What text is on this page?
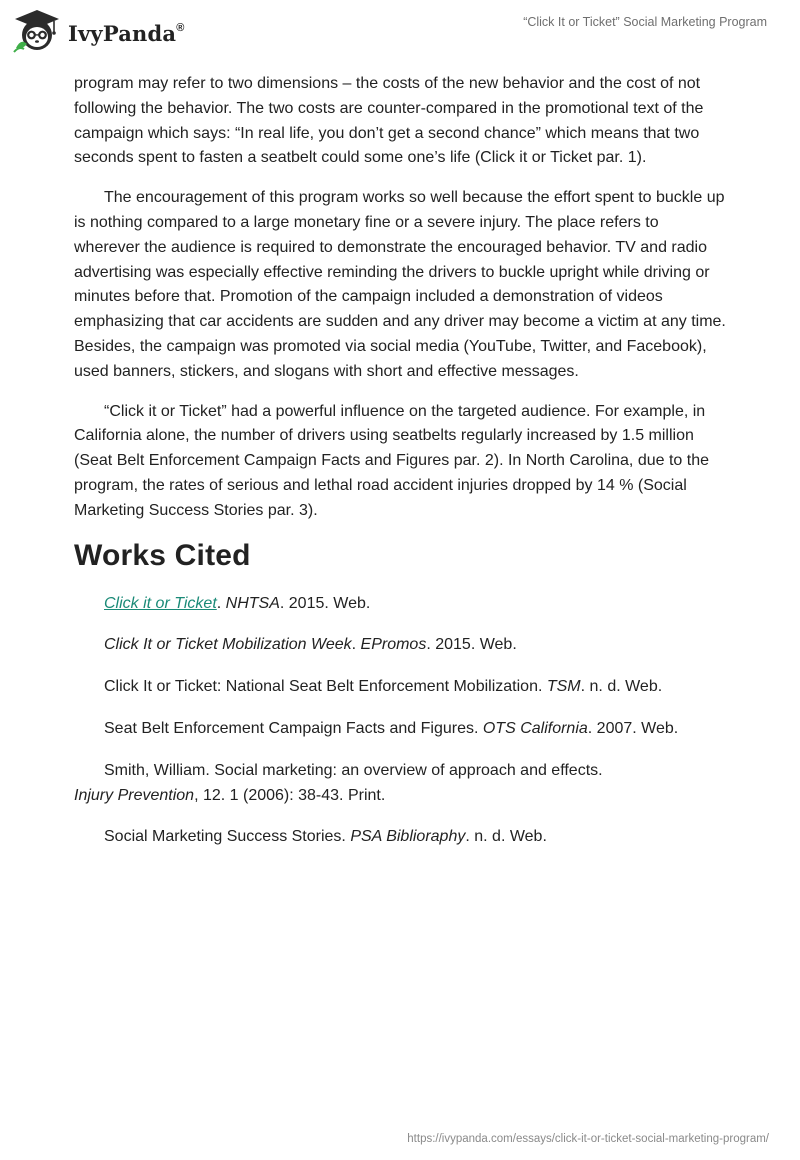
IvyPanda®	“Click It or Ticket” Social Marketing Program

program may refer to two dimensions – the costs of the new behavior and the cost of not following the behavior. The two costs are counter-compared in the promotional text of the campaign which says: “In real life, you don’t get a second chance” which means that two seconds spent to fasten a seatbelt could some one’s life (Click it or Ticket par. 1).

The encouragement of this program works so well because the effort spent to buckle up is nothing compared to a large monetary fine or a severe injury. The place refers to wherever the audience is required to demonstrate the encouraged behavior. TV and radio advertising was especially effective reminding the drivers to buckle upright while driving or minutes before that. Promotion of the campaign included a demonstration of videos emphasizing that car accidents are sudden and any driver may become a victim at any time. Besides, the campaign was promoted via social media (YouTube, Twitter, and Facebook), used banners, stickers, and slogans with short and effective messages.

“Click it or Ticket” had a powerful influence on the targeted audience. For example, in California alone, the number of drivers using seatbelts regularly increased by 1.5 million (Seat Belt Enforcement Campaign Facts and Figures par. 2). In North Carolina, due to the program, the rates of serious and lethal road accident injuries dropped by 14 % (Social Marketing Success Stories par. 3).

Works Cited
Click it or Ticket. NHTSA. 2015. Web.
Click It or Ticket Mobilization Week. EPromos. 2015. Web.
Click It or Ticket: National Seat Belt Enforcement Mobilization. TSM. n. d. Web.
Seat Belt Enforcement Campaign Facts and Figures. OTS California. 2007. Web.
Smith, William. Social marketing: an overview of approach and effects.
Injury Prevention, 12. 1 (2006): 38-43. Print.
Social Marketing Success Stories. PSA Biblioraphy. n. d. Web.
https://ivypanda.com/essays/click-it-or-ticket-social-marketing-program/
